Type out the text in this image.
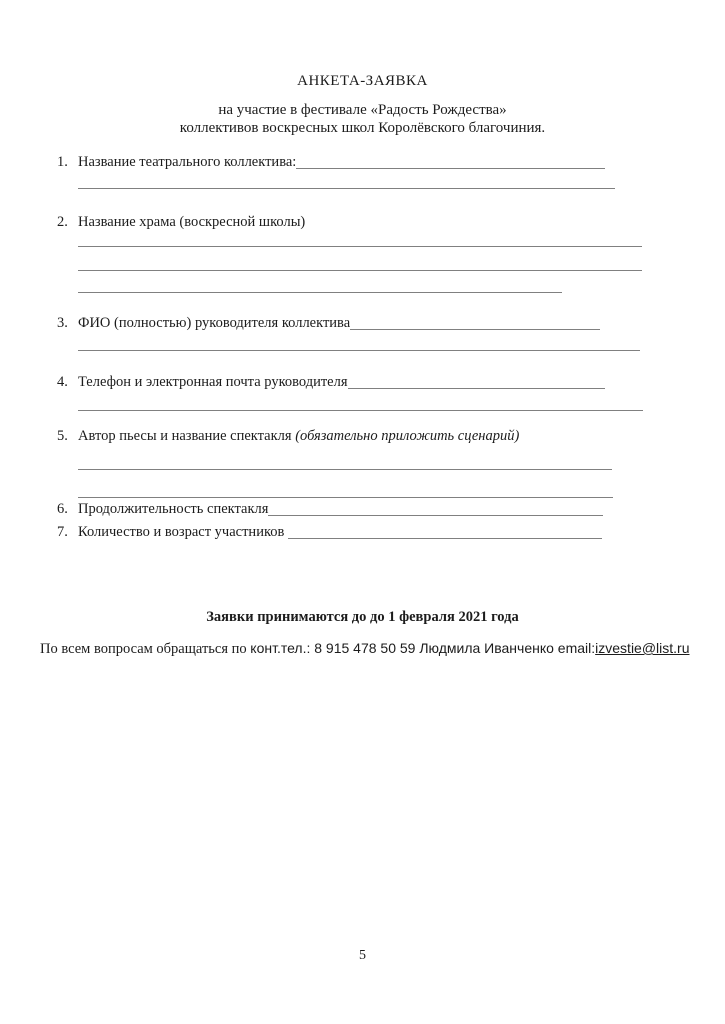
АНКЕТА-ЗАЯВКА
на участие в фестивале «Радость Рождества»
коллективов воскресных школ Королёвского благочиния.
1. Название театрального коллектива:
2. Название храма (воскресной школы)
3. ФИО (полностью) руководителя коллектива
4. Телефон и электронная почта руководителя
5. Автор пьесы и название спектакля (обязательно приложить сценарий)
6. Продолжительность спектакля
7. Количество и возраст участников
Заявки принимаются до до 1 февраля 2021 года
По всем вопросам обращаться по конт.тел.: 8 915 478 50 59 Людмила Иванченко email:izvestie@list.ru
5
